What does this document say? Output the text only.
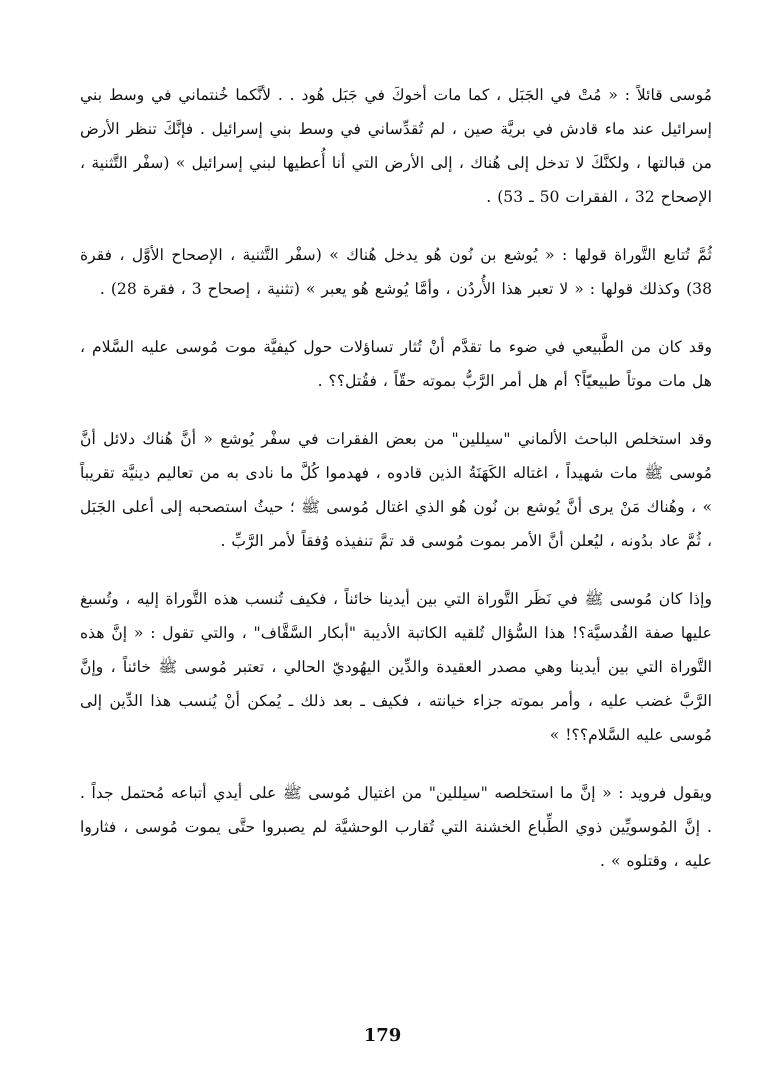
مُوسى قائلاً : « مُتْ في الجَبَل ، كما مات أخوكَ في جَبَل هُود . . لأنَّكما خُنتماني في وسط بني إسرائيل عند ماء قادش في بريَّة صين ، لم تُقدِّساني في وسط بني إسرائيل . فإنَّكَ تنظر الأرض من قبالتها ، ولكنَّكَ لا تدخل إلى هُناك ، إلى الأرض التي أنا أُعطيها لبني إسرائيل » (سفْر التَّثنية ، الإصحاح 32 ، الفقرات 50 ـ 53) .

ثُمَّ تُتابع التَّوراة قولها : « يُوشع بن نُون هُو يدخل هُناك » (سفْر التَّثنية ، الإصحاح الأوَّل ، فقرة 38) وكذلك قولها : « لا تعبر هذا الأُردُن ، وأمَّا يُوشع هُو يعبر » (تثنية ، إصحاح 3 ، فقرة 28) .

وقد كان من الطَّبيعي في ضوء ما تقدَّم أنْ تُثار تساؤلات حول كيفيَّة موت مُوسى عليه السَّلام ، هل مات موتاً طبيعيّاً؟ أم هل أمر الرَّبُّ بموته حقّاً ، فقُتل؟؟ .

وقد استخلص الباحث الألماني "سيللين" من بعض الفقرات في سفْر يُوشع « أنَّ هُناك دلائل أنَّ مُوسى ﷺ مات شهيداً ، اغتاله الكَهَنَةُ الذين قادوه ، فهدموا كُلَّ ما نادى به من تعاليم دينيَّة تقريباً » ، وهُناك مَنْ يرى أنَّ يُوشع بن نُون هُو الذي اغتال مُوسى ﷺ ؛ حيثُ استصحبه إلى أعلى الجَبَل ، ثُمَّ عاد بدُونه ، ليُعلن أنَّ الأمر بموت مُوسى قد تمَّ تنفيذه وُفقاً لأمر الرَّبِّ .

وإذا كان مُوسى ﷺ في نَظَر التَّوراة التي بين أيدينا خائناً ، فكيف تُنسب هذه التَّوراة إليه ، وتُسبغ عليها صفة القُدسيَّة؟! هذا السُّؤال تُلقيه الكاتبة الأديبة "أبكار السَّقَّاف" ، والتي تقول : « إنَّ هذه التَّوراة التي بين أيدينا وهي مصدر العقيدة والدِّين اليهُوديّ الحالي ، تعتبر مُوسى ﷺ خائناً ، وإنَّ الرَّبَّ غضب عليه ، وأمر بموته جزاء خيانته ، فكيف ـ بعد ذلك ـ يُمكن أنْ يُنسب هذا الدِّين إلى مُوسى عليه السَّلام؟؟! »

ويقول فرويد : « إنَّ ما استخلصه "سيللين" من اغتيال مُوسى ﷺ على أيدي أتباعه مُحتمل جداً . . إنَّ المُوسويِّين ذوي الطِّباع الخشنة التي تُقارب الوحشيَّة لم يصبروا حتَّى يموت مُوسى ، فثاروا عليه ، وقتلوه » .

179
